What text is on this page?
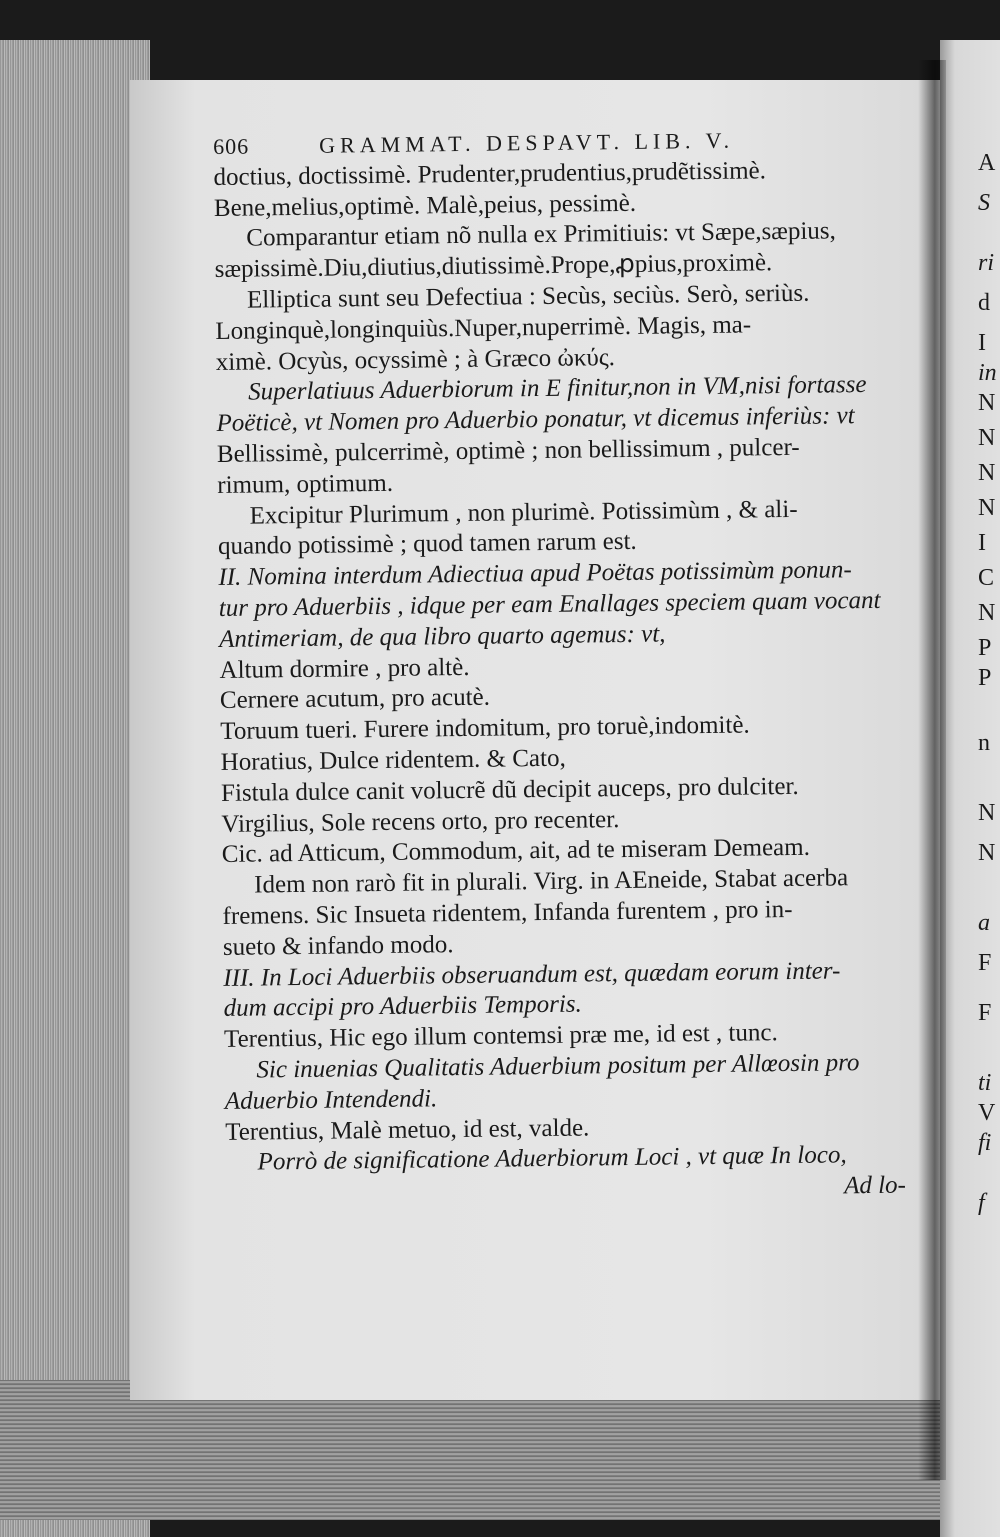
606	GRAMMAT. DESPAVT. LIB. V.
doctius, doctissimè. Prudenter,prudentius,prudẽtissimè.
Bene,melius,optimè. Malè,peius, pessimè.
Comparantur etiam nõ nulla ex Primitiuis: vt Sæpe,sæpius,
sæpissimè.Diu,diutius,diutissimè.Prope,ꝓpius,proximè.
Elliptica sunt seu Defectiua : Secùs, seciùs. Serò, seriùs.
Longinquè,longinquiùs.Nuper,nuperrimè. Magis, ma-
ximè. Ocyùs, ocyssimè ; à Græco ὠκύς.
Superlatiuus Aduerbiorum in E finitur,non in VM,nisi fortasse
Poëticè, vt Nomen pro Aduerbio ponatur, vt dicemus inferiùs: vt
Bellissimè, pulcerrimè, optimè ; non bellissimum , pulcer-
rimum, optimum.
Excipitur Plurimum , non plurimè. Potissimùm , & ali-
quando potissimè ; quod tamen rarum est.
II. Nomina interdum Adiectiua apud Poëtas potissimùm ponun-
tur pro Aduerbiis , idque per eam Enallages speciem quam vocant
Antimeriam, de qua libro quarto agemus: vt,
Altum dormire , pro altè.
Cernere acutum, pro acutè.
Toruum tueri. Furere indomitum, pro toruè,indomitè.
Horatius, Dulce ridentem. & Cato,
Fistula dulce canit volucrẽ dũ decipit auceps, pro dulciter.
Virgilius, Sole recens orto, pro recenter.
Cic. ad Atticum, Commodum, ait, ad te miseram Demeam.
Idem non rarò fit in plurali. Virg. in AEneide, Stabat acerba
fremens. Sic Insueta ridentem, Infanda furentem , pro in-
sueto & infando modo.
III. In Loci Aduerbiis obseruandum est, quædam eorum inter-
dum accipi pro Aduerbiis Temporis.
Terentius, Hic ego illum contemsi præ me, id est , tunc.
Sic inuenias Qualitatis Aduerbium positum per Allœosin pro
Aduerbio Intendendi.
Terentius, Malè metuo, id est, valde.
Porrò de significatione Aduerbiorum Loci , vt quæ In loco,
Ad lo-
A
S
ri
d
I
in
N
N
N
N
I
C
N
P
P
n
N
N
a
F
F
ti
V
fi
f
